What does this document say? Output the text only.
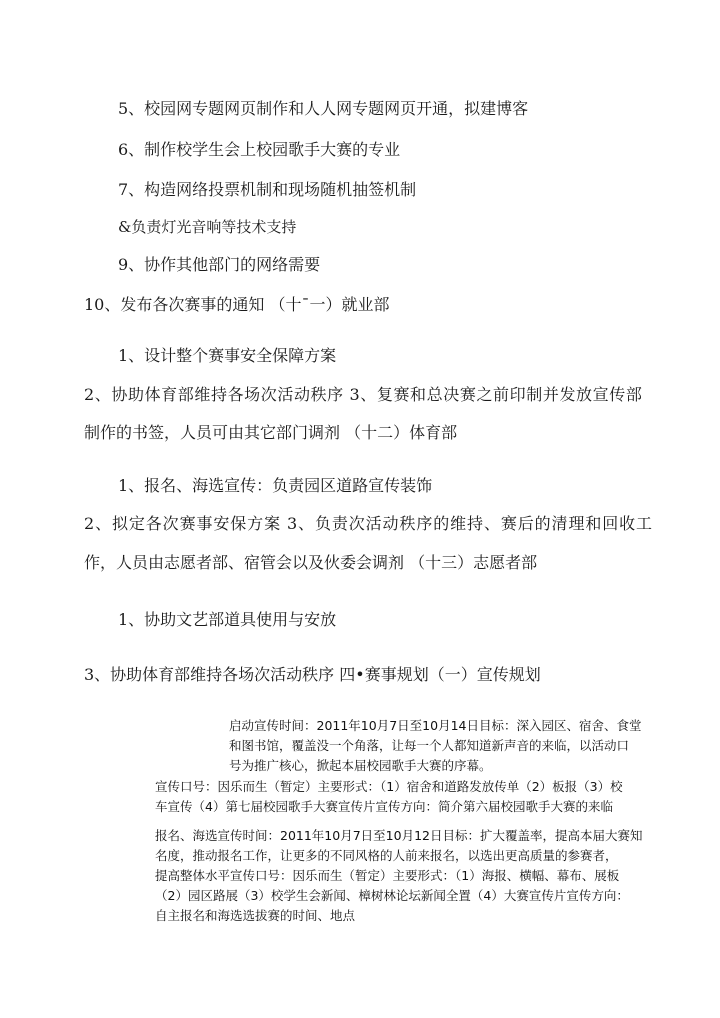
5、校园网专题网页制作和人人网专题网页开通，拟建博客
6、制作校学生会上校园歌手大赛的专业
7、构造网络投票机制和现场随机抽签机制
&负责灯光音响等技术支持
9、协作其他部门的网络需要
10、发布各次赛事的通知 （十¯一）就业部
1、设计整个赛事安全保障方案
2、协助体育部维持各场次活动秩序 3、复赛和总决赛之前印制并发放宣传部
制作的书签，人员可由其它部门调剂 （十二）体育部
1、报名、海选宣传：负责园区道路宣传装饰
2、拟定各次赛事安保方案 3、负责次活动秩序的维持、赛后的清理和回收工
作，人员由志愿者部、宿管会以及伙委会调剂 （十三）志愿者部
1、协助文艺部道具使用与安放
3、协助体育部维持各场次活动秩序 四•赛事规划（一）宣传规划
启动宣传时间：2011年10月7日至10月14日目标：深入园区、宿舍、食堂
和图书馆，覆盖没一个角落，让每一个人都知道新声音的来临，以活动口
号为推广核心，掀起本届校园歌手大赛的序幕。
宣传口号：因乐而生（暂定）主要形式：（1）宿舍和道路发放传单（2）板报（3）校
车宣传（4）第七届校园歌手大赛宣传片宣传方向：简介第六届校园歌手大赛的来临
报名、海选宣传时间：2011年10月7日至10月12日目标：扩大覆盖率，提高本届大赛知
名度，推动报名工作，让更多的不同风格的人前来报名，以选出更高质量的参赛者，
提高整体水平宣传口号：因乐而生（暂定）主要形式：（1）海报、横幅、幕布、展板
（2）园区路展（3）校学生会新闻、樟树林论坛新闻全置（4）大赛宣传片宣传方向：
自主报名和海选选拔赛的时间、地点
